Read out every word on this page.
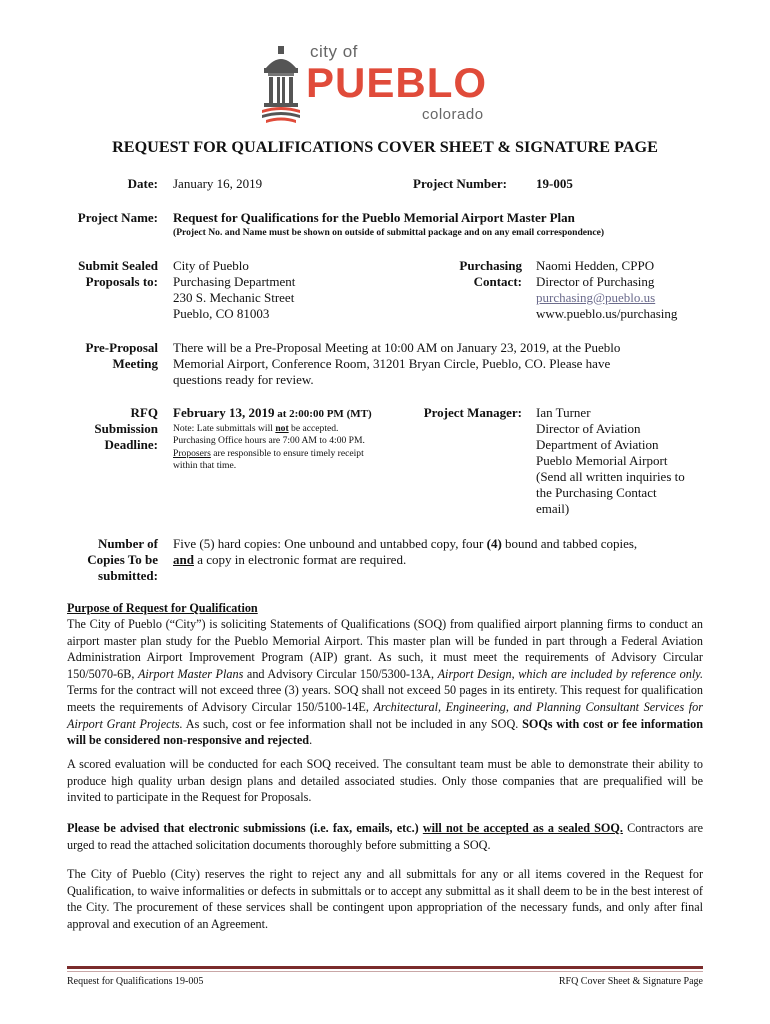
city of
PUEBLO
colorado
REQUEST FOR QUALIFICATIONS COVER SHEET & SIGNATURE PAGE
Date: January 16, 2019	Project Number: 19-005
Project Name: Request for Qualifications for the Pueblo Memorial Airport Master Plan
(Project No. and Name must be shown on outside of submittal package and on any email correspondence)
Submit Sealed
Proposals to:
City of Pueblo
Purchasing Department
230 S. Mechanic Street
Pueblo, CO 81003
Purchasing
Contact:
Naomi Hedden, CPPO
Director of Purchasing
purchasing@pueblo.us
www.pueblo.us/purchasing
Pre-Proposal
Meeting
There will be a Pre-Proposal Meeting at 10:00 AM on January 23, 2019, at the Pueblo
Memorial Airport, Conference Room, 31201 Bryan Circle, Pueblo, CO. Please have
questions ready for review.
RFQ
Submission
Deadline:
February 13, 2019 at 2:00:00 PM (MT)
Note: Late submittals will not be accepted.
Purchasing Office hours are 7:00 AM to 4:00 PM.
Proposers are responsible to ensure timely receipt
within that time.
Project Manager: Ian Turner
Director of Aviation
Department of Aviation
Pueblo Memorial Airport
(Send all written inquiries to
the Purchasing Contact
email)
Number of
Copies To be
submitted:
Five (5) hard copies: One unbound and untabbed copy, four (4) bound and tabbed copies,
and a copy in electronic format are required.
Purpose of Request for Qualification
The City of Pueblo (“City”) is soliciting Statements of Qualifications (SOQ) from qualified airport planning firms to conduct an airport master plan study for the Pueblo Memorial Airport. This master plan will be funded in part through a Federal Aviation Administration Airport Improvement Program (AIP) grant. As such, it must meet the requirements of Advisory Circular 150/5070-6B, Airport Master Plans and Advisory Circular 150/5300-13A, Airport Design, which are included by reference only. Terms for the contract will not exceed three (3) years. SOQ shall not exceed 50 pages in its entirety. This request for qualification meets the requirements of Advisory Circular 150/5100-14E, Architectural, Engineering, and Planning Consultant Services for Airport Grant Projects. As such, cost or fee information shall not be included in any SOQ. SOQs with cost or fee information will be considered non-responsive and rejected.
A scored evaluation will be conducted for each SOQ received. The consultant team must be able to demonstrate their ability to produce high quality urban design plans and detailed associated studies. Only those companies that are prequalified will be invited to participate in the Request for Proposals.
Please be advised that electronic submissions (i.e. fax, emails, etc.) will not be accepted as a sealed SOQ. Contractors are urged to read the attached solicitation documents thoroughly before submitting a SOQ.
The City of Pueblo (City) reserves the right to reject any and all submittals for any or all items covered in the Request for Qualification, to waive informalities or defects in submittals or to accept any submittal as it shall deem to be in the best interest of the City. The procurement of these services shall be contingent upon appropriation of the necessary funds, and only after final approval and execution of an Agreement.
Request for Qualifications 19-005	RFQ Cover Sheet & Signature Page
